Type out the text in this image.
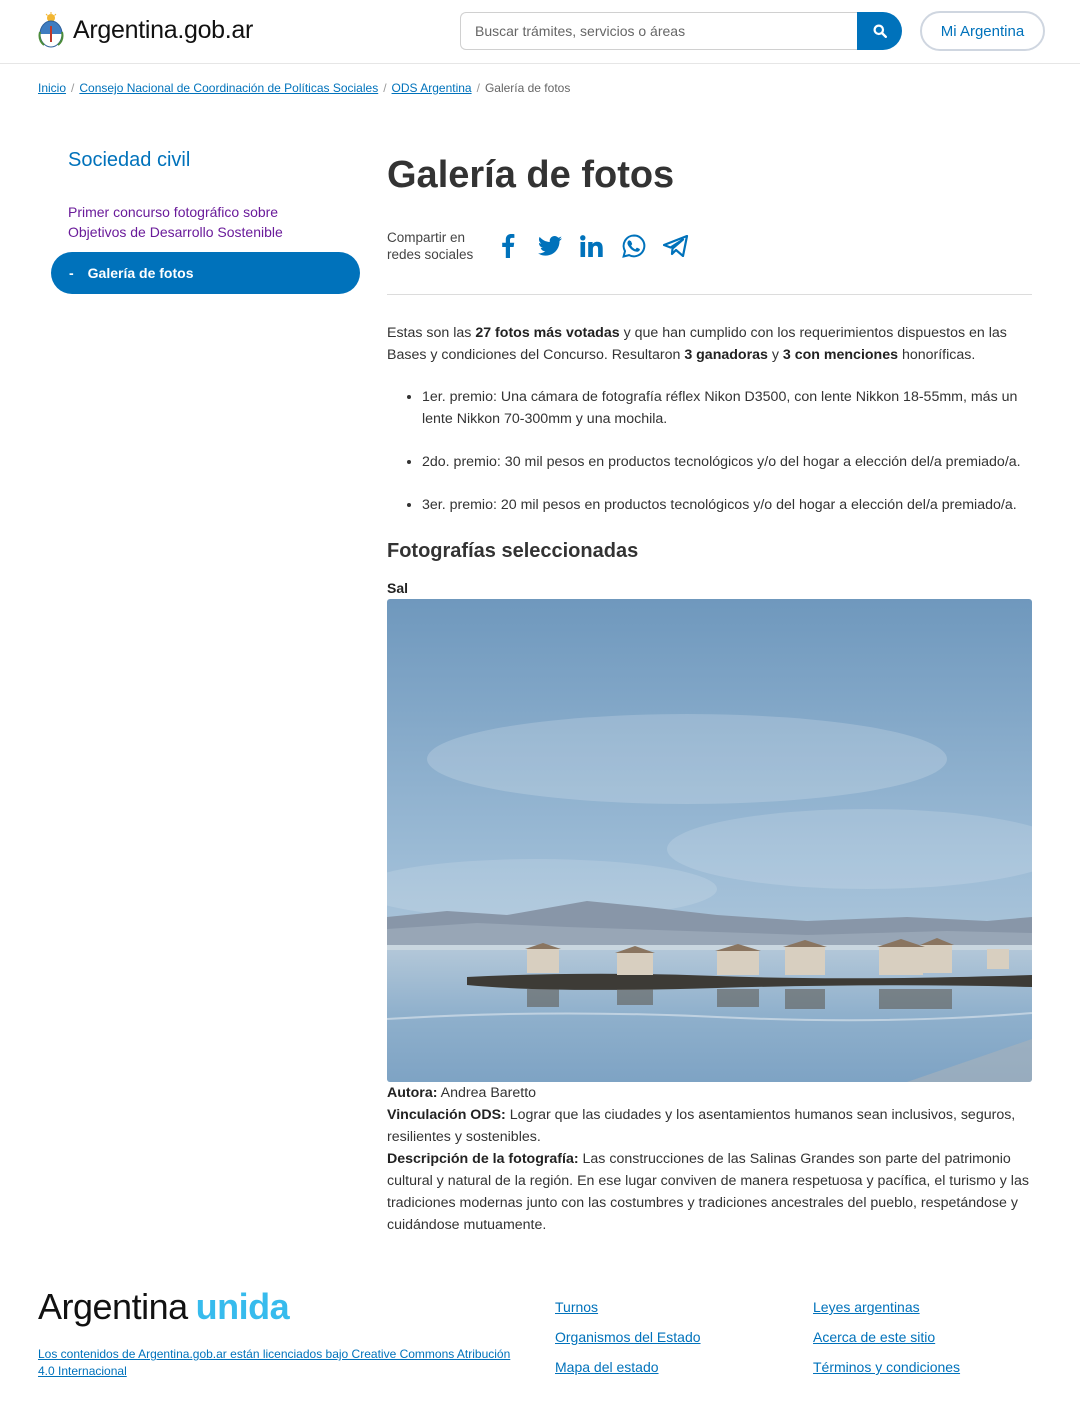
Argentina.gob.ar
Buscar trámites, servicios o áreas	Mi Argentina
Inicio / Consejo Nacional de Coordinación de Políticas Sociales / ODS Argentina / Galería de fotos
Sociedad civil
Primer concurso fotográfico sobre Objetivos de Desarrollo Sostenible
- Galería de fotos
Galería de fotos
Compartir en redes sociales

Estas son las 27 fotos más votadas y que han cumplido con los requerimientos dispuestos en las Bases y condiciones del Concurso. Resultaron 3 ganadoras y 3 con menciones honoríficas.

• 1er. premio: Una cámara de fotografía réflex Nikon D3500, con lente Nikkon 18-55mm, más un lente Nikkon 70-300mm y una mochila.
• 2do. premio: 30 mil pesos en productos tecnológicos y/o del hogar a elección del/a premiado/a.
• 3er. premio: 20 mil pesos en productos tecnológicos y/o del hogar a elección del/a premiado/a.
Fotografías seleccionadas
Sal
Autora: Andrea Baretto
Vinculación ODS: Lograr que las ciudades y los asentamientos humanos sean inclusivos, seguros, resilientes y sostenibles.
Descripción de la fotografía: Las construcciones de las Salinas Grandes son parte del patrimonio cultural y natural de la región. En ese lugar conviven de manera respetuosa y pacífica, el turismo y las tradiciones modernas junto con las costumbres y tradiciones ancestrales del pueblo, respetándose y cuidándose mutuamente.
Argentina unida
Los contenidos de Argentina.gob.ar están licenciados bajo Creative Commons Atribución 4.0 Internacional
Turnos
Organismos del Estado
Mapa del estado
Leyes argentinas
Acerca de este sitio
Términos y condiciones
